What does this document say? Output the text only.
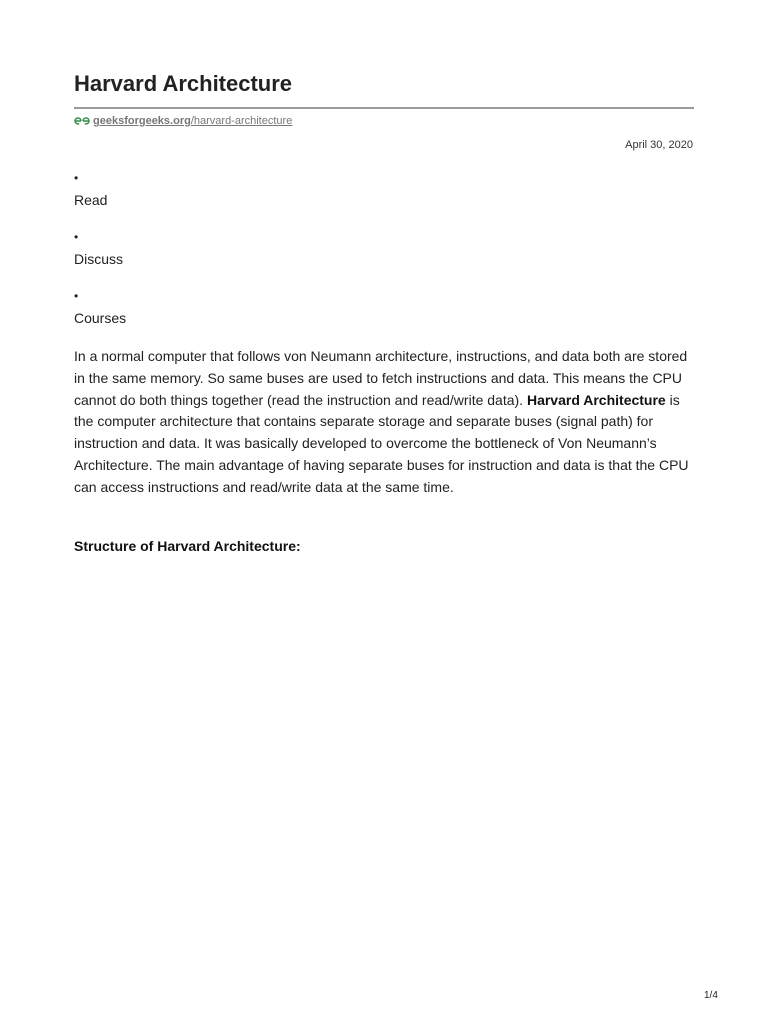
Harvard Architecture
geeksforgeeks.org/harvard-architecture
April 30, 2020
•
Read
•
Discuss
•
Courses

In a normal computer that follows von Neumann architecture, instructions, and data both are stored in the same memory. So same buses are used to fetch instructions and data. This means the CPU cannot do both things together (read the instruction and read/write data). Harvard Architecture is the computer architecture that contains separate storage and separate buses (signal path) for instruction and data. It was basically developed to overcome the bottleneck of Von Neumann’s Architecture. The main advantage of having separate buses for instruction and data is that the CPU can access instructions and read/write data at the same time.

Structure of Harvard Architecture:
1/4
